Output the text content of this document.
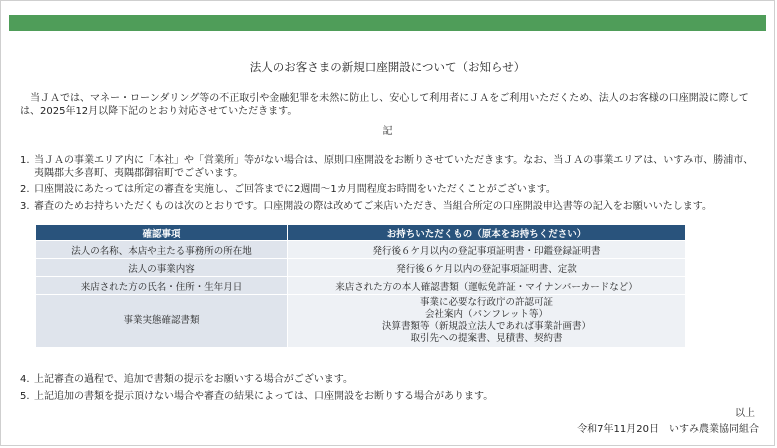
法人のお客さまの新規口座開設について（お知らせ）
当ＪＡでは、マネー・ローンダリング等の不正取引や金融犯罪を未然に防止し、安心して利用者にＪＡをご利用いただくため、法人のお客様の口座開設に際しては、2025年12月以降下記のとおり対応させていただきます。
記
1. 当ＪＡの事業エリア内に「本社」や「営業所」等がない場合は、原則口座開設をお断りさせていただきます。なお、当ＪＡの事業エリアは、いすみ市、勝浦市、夷隅郡大多喜町、夷隅郡御宿町でございます。
2. 口座開設にあたっては所定の審査を実施し、ご回答までに2週間～1カ月間程度お時間をいただくことがございます。
3. 審査のためお持ちいただくものは次のとおりです。口座開設の際は改めてご来店いただき、当組合所定の口座開設申込書等の記入をお願いいたします。
確認事項	お持ちいただくもの（原本をお持ちください）
法人の名称、本店や主たる事務所の所在地	発行後６ケ月以内の登記事項証明書・印鑑登録証明書
法人の事業内容	発行後６ケ月以内の登記事項証明書、定款
来店された方の氏名・住所・生年月日	来店された方の本人確認書類（運転免許証・マイナンバーカードなど）
事業実態確認書類	事業に必要な行政庁の許認可証
会社案内（パンフレット等）
決算書類等（新規設立法人であれば事業計画書）
取引先への提案書、見積書、契約書
4. 上記審査の過程で、追加で書類の提示をお願いする場合がございます。
5. 上記追加の書類を提示頂けない場合や審査の結果によっては、口座開設をお断りする場合があります。
以上
令和7年11月20日　いすみ農業協同組合
